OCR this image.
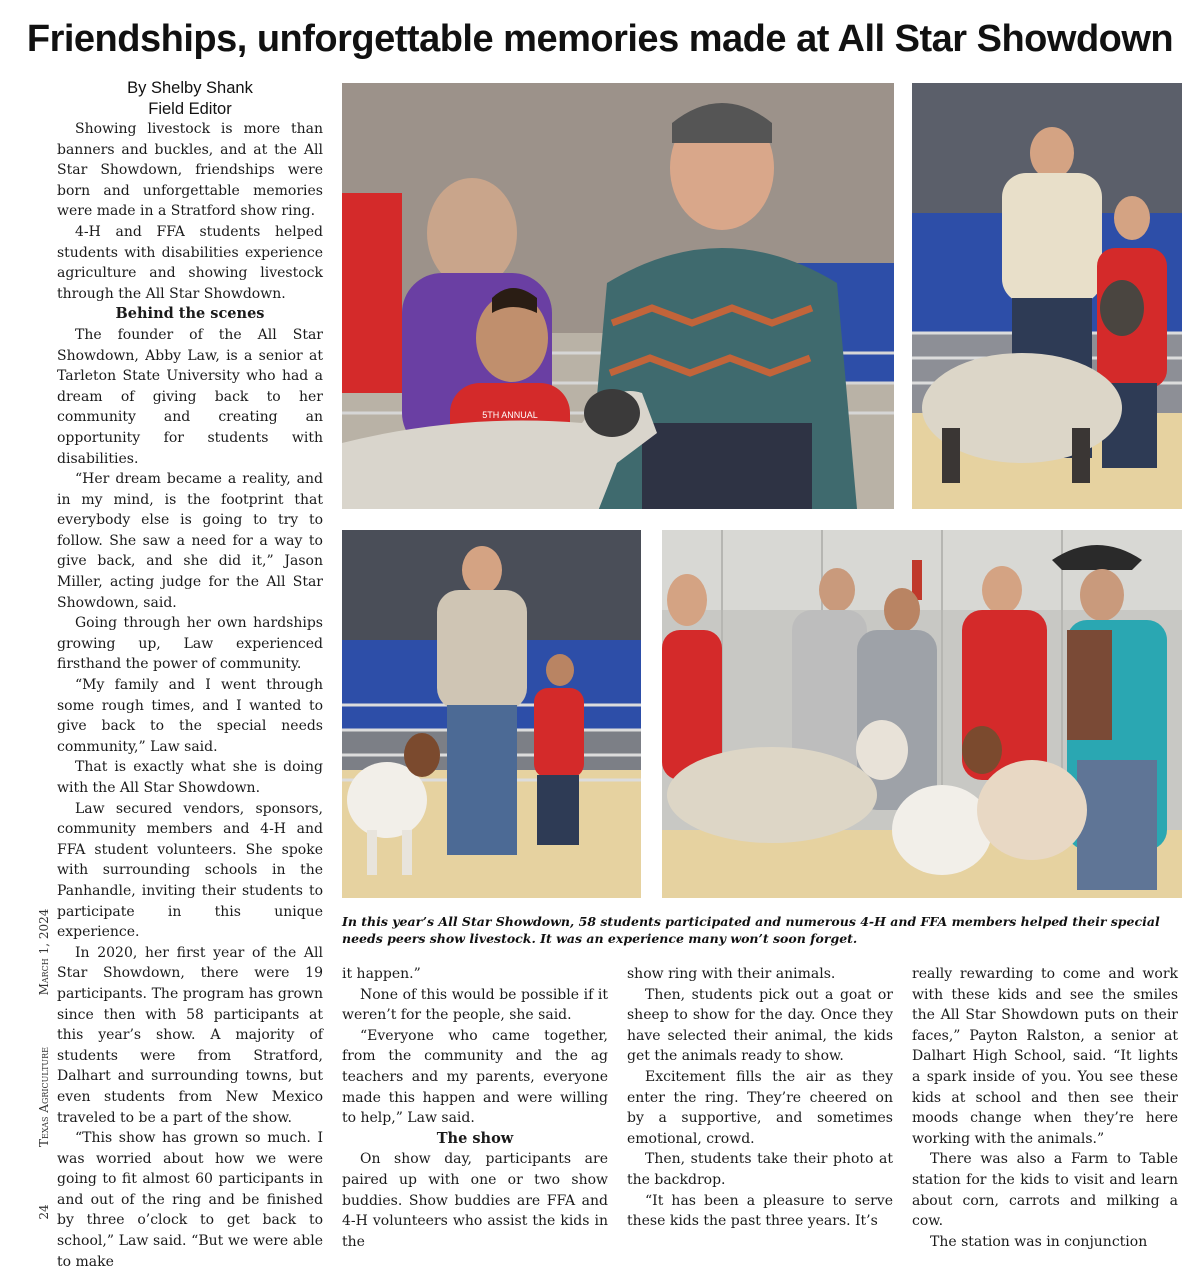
Friendships, unforgettable memories made at All Star Showdown
By Shelby Shank
Field Editor

Showing livestock is more than banners and buckles, and at the All Star Showdown, friendships were born and unforgettable memories were made in a Stratford show ring.

4-H and FFA students helped students with disabilities experience agriculture and showing livestock through the All Star Showdown.

Behind the scenes

The founder of the All Star Showdown, Abby Law, is a senior at Tarleton State University who had a dream of giving back to her community and creating an opportunity for students with disabilities.

“Her dream became a reality, and in my mind, is the footprint that everybody else is going to try to follow. She saw a need for a way to give back, and she did it,” Jason Miller, acting judge for the All Star Showdown, said.

Going through her own hardships growing up, Law experienced firsthand the power of community.

“My family and I went through some rough times, and I wanted to give back to the special needs community,” Law said.

That is exactly what she is doing with the All Star Showdown.

Law secured vendors, sponsors, community members and 4-H and FFA student volunteers. She spoke with surrounding schools in the Panhandle, inviting their students to participate in this unique experience.

In 2020, her first year of the All Star Showdown, there were 19 participants. The program has grown since then with 58 participants at this year’s show. A majority of students were from Stratford, Dalhart and surrounding towns, but even students from New Mexico traveled to be a part of the show.

“This show has grown so much. I was worried about how we were going to fit almost 60 participants in and out of the ring and be finished by three o’clock to get back to school,” Law said. “But we were able to make

it happen.”

None of this would be possible if it weren’t for the people, she said.

“Everyone who came together, from the community and the ag teachers and my parents, everyone made this happen and were willing to help,” Law said.

The show

On show day, participants are paired up with one or two show buddies. Show buddies are FFA and 4-H volunteers who assist the kids in the

show ring with their animals.

Then, students pick out a goat or sheep to show for the day. Once they have selected their animal, the kids get the animals ready to show.

Excitement fills the air as they enter the ring. They’re cheered on by a supportive, and sometimes emotional, crowd.

Then, students take their photo at the backdrop.

“It has been a pleasure to serve these kids the past three years. It’s

really rewarding to come and work with these kids and see the smiles the All Star Showdown puts on their faces,” Payton Ralston, a senior at Dalhart High School, said. “It lights a spark inside of you. You see these kids at school and then see their moods change when they’re here working with the animals.”

There was also a Farm to Table station for the kids to visit and learn about corn, carrots and milking a cow.

The station was in conjunction

5TH ANNUAL
In this year’s All Star Showdown, 58 students participated and numerous 4-H and FFA members helped their special needs peers show livestock. It was an experience many won’t soon forget.
24
Texas Agriculture
March 1, 2024
